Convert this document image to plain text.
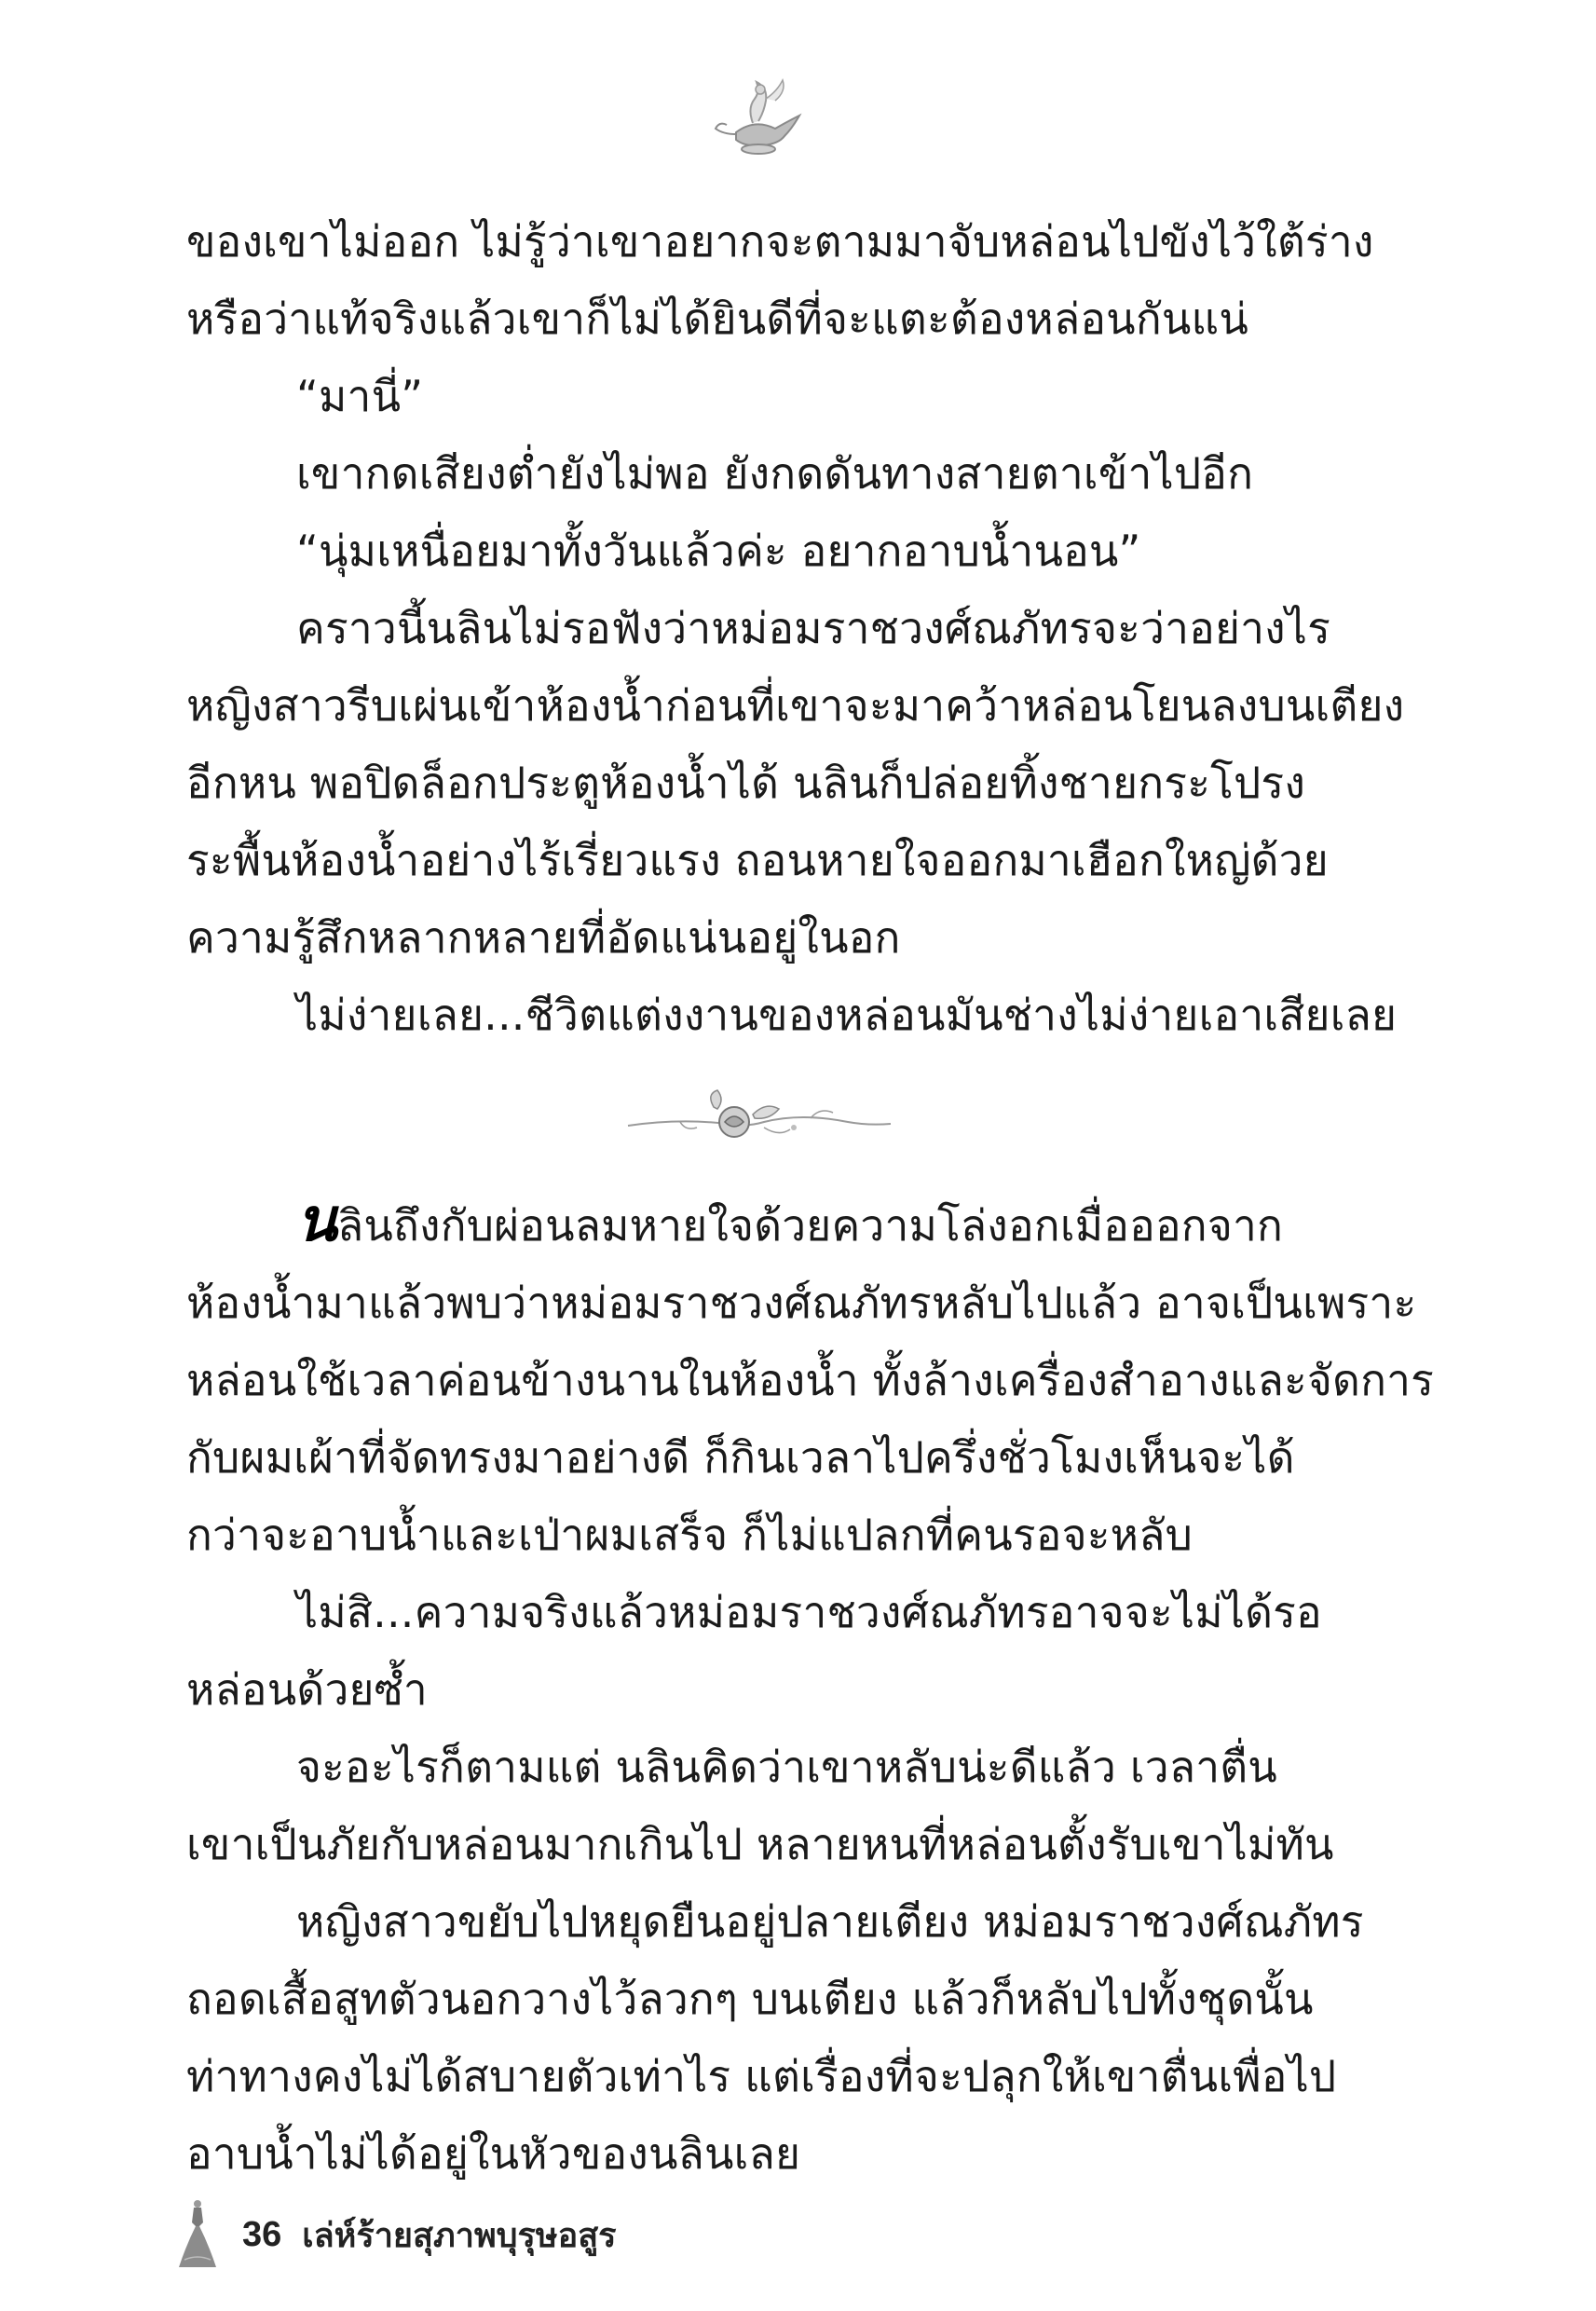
ของเขาไม่ออก ไม่รู้ว่าเขาอยากจะตามมาจับหล่อนไปขังไว้ใต้ร่าง

หรือว่าแท้จริงแล้วเขาก็ไม่ได้ยินดีที่จะแตะต้องหล่อนกันแน่

“มานี่”

เขากดเสียงต่ำยังไม่พอ ยังกดดันทางสายตาเข้าไปอีก

“นุ่มเหนื่อยมาทั้งวันแล้วค่ะ อยากอาบน้ำนอน”

คราวนี้นลินไม่รอฟังว่าหม่อมราชวงศ์ณภัทรจะว่าอย่างไร

หญิงสาวรีบเผ่นเข้าห้องน้ำก่อนที่เขาจะมาคว้าหล่อนโยนลงบนเตียง

อีกหน พอปิดล็อกประตูห้องน้ำได้ นลินก็ปล่อยทิ้งชายกระโปรง

ระพื้นห้องน้ำอย่างไร้เรี่ยวแรง ถอนหายใจออกมาเฮือกใหญ่ด้วย

ความรู้สึกหลากหลายที่อัดแน่นอยู่ในอก

ไม่ง่ายเลย...ชีวิตแต่งงานของหล่อนมันช่างไม่ง่ายเอาเสียเลย

นลินถึงกับผ่อนลมหายใจด้วยความโล่งอกเมื่อออกจาก

ห้องน้ำมาแล้วพบว่าหม่อมราชวงศ์ณภัทรหลับไปแล้ว อาจเป็นเพราะ

หล่อนใช้เวลาค่อนข้างนานในห้องน้ำ ทั้งล้างเครื่องสำอางและจัดการ

กับผมเผ้าที่จัดทรงมาอย่างดี ก็กินเวลาไปครึ่งชั่วโมงเห็นจะได้

กว่าจะอาบน้ำและเป่าผมเสร็จ ก็ไม่แปลกที่คนรอจะหลับ

ไม่สิ...ความจริงแล้วหม่อมราชวงศ์ณภัทรอาจจะไม่ได้รอ

หล่อนด้วยซ้ำ

จะอะไรก็ตามแต่ นลินคิดว่าเขาหลับน่ะดีแล้ว เวลาตื่น

เขาเป็นภัยกับหล่อนมากเกินไป หลายหนที่หล่อนตั้งรับเขาไม่ทัน

หญิงสาวขยับไปหยุดยืนอยู่ปลายเตียง หม่อมราชวงศ์ณภัทร

ถอดเสื้อสูทตัวนอกวางไว้ลวกๆ บนเตียง แล้วก็หลับไปทั้งชุดนั้น

ท่าทางคงไม่ได้สบายตัวเท่าไร แต่เรื่องที่จะปลุกให้เขาตื่นเพื่อไป

อาบน้ำไม่ได้อยู่ในหัวของนลินเลย

36 เล่ห์ร้ายสุภาพบุรุษอสูร
